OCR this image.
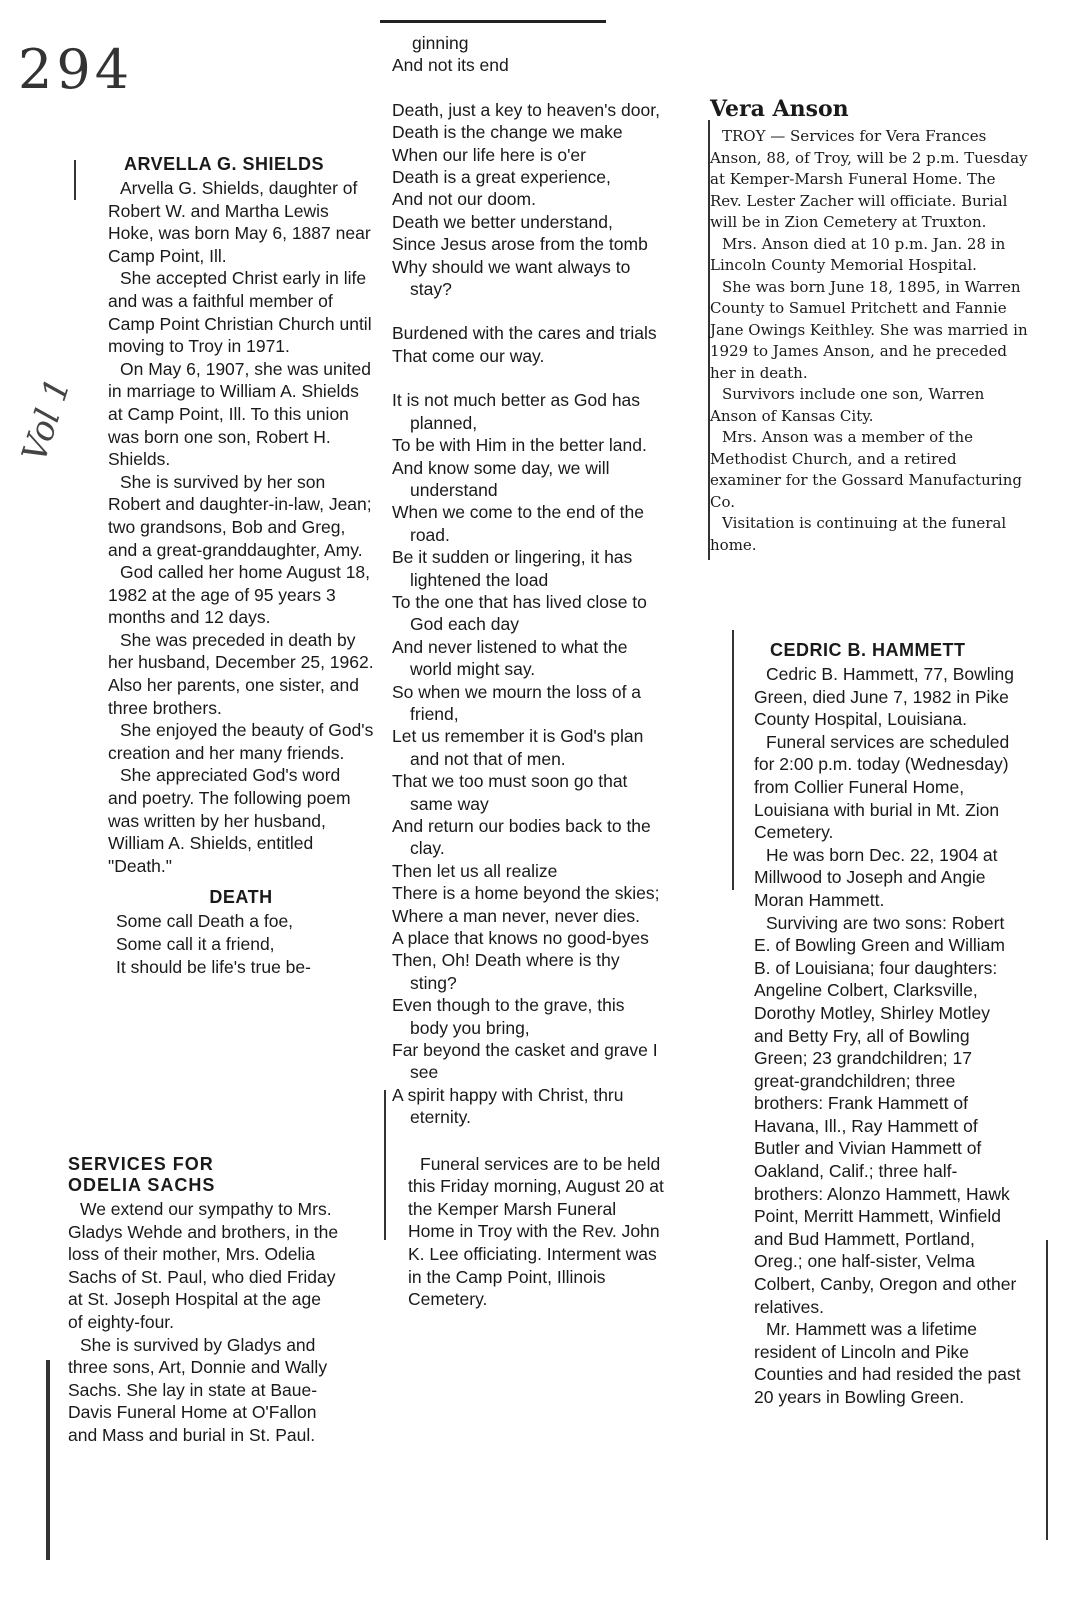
294
Vol 1
ARVELLA G. SHIELDS

Arvella G. Shields, daughter of Robert W. and Martha Lewis Hoke, was born May 6, 1887 near Camp Point, Ill.

She accepted Christ early in life and was a faithful member of Camp Point Christian Church until moving to Troy in 1971.

On May 6, 1907, she was united in marriage to William A. Shields at Camp Point, Ill. To this union was born one son, Robert H. Shields.

She is survived by her son Robert and daughter-in-law, Jean; two grandsons, Bob and Greg, and a great-granddaughter, Amy.

God called her home August 18, 1982 at the age of 95 years 3 months and 12 days.

She was preceded in death by her husband, December 25, 1962. Also her parents, one sister, and three brothers.

She enjoyed the beauty of God's creation and her many friends.

She appreciated God's word and poetry. The following poem was written by her husband, William A. Shields, entitled "Death."

DEATH

Some call Death a foe,

Some call it a friend,

It should be life's true be-

SERVICES FOR
ODELIA SACHS

We extend our sympathy to Mrs. Gladys Wehde and brothers, in the loss of their mother, Mrs. Odelia Sachs of St. Paul, who died Friday at St. Joseph Hospital at the age of eighty-four.

She is survived by Gladys and three sons, Art, Donnie and Wally Sachs. She lay in state at Baue-Davis Funeral Home at O'Fallon and Mass and burial in St. Paul.

ginning

And not its end

Death, just a key to heaven's door,

Death is the change we make

When our life here is o'er

Death is a great experience,

And not our doom.

Death we better understand,

Since Jesus arose from the tomb

Why should we want always to stay?

Burdened with the cares and trials

That come our way.

It is not much better as God has planned,

To be with Him in the better land.

And know some day, we will understand

When we come to the end of the road.

Be it sudden or lingering, it has lightened the load

To the one that has lived close to God each day

And never listened to what the world might say.

So when we mourn the loss of a friend,

Let us remember it is God's plan and not that of men.

That we too must soon go that same way

And return our bodies back to the clay.

Then let us all realize

There is a home beyond the skies;

Where a man never, never dies.

A place that knows no good-byes

Then, Oh! Death where is thy sting?

Even though to the grave, this body you bring,

Far beyond the casket and grave I see

A spirit happy with Christ, thru eternity.

Funeral services are to be held this Friday morning, August 20 at the Kemper Marsh Funeral Home in Troy with the Rev. John K. Lee officiating. Interment was in the Camp Point, Illinois Cemetery.

Vera Anson

TROY — Services for Vera Frances Anson, 88, of Troy, will be 2 p.m. Tuesday at Kemper-Marsh Funeral Home. The Rev. Lester Zacher will officiate. Burial will be in Zion Cemetery at Truxton.

Mrs. Anson died at 10 p.m. Jan. 28 in Lincoln County Memorial Hospital.

She was born June 18, 1895, in Warren County to Samuel Pritchett and Fannie Jane Owings Keithley. She was married in 1929 to James Anson, and he preceded her in death.

Survivors include one son, Warren Anson of Kansas City.

Mrs. Anson was a member of the Methodist Church, and a retired examiner for the Gossard Manufacturing Co.

Visitation is continuing at the funeral home.

CEDRIC B. HAMMETT

Cedric B. Hammett, 77, Bowling Green, died June 7, 1982 in Pike County Hospital, Louisiana.

Funeral services are scheduled for 2:00 p.m. today (Wednesday) from Collier Funeral Home, Louisiana with burial in Mt. Zion Cemetery.

He was born Dec. 22, 1904 at Millwood to Joseph and Angie Moran Hammett.

Surviving are two sons: Robert E. of Bowling Green and William B. of Louisiana; four daughters: Angeline Colbert, Clarksville, Dorothy Motley, Shirley Motley and Betty Fry, all of Bowling Green; 23 grandchildren; 17 great-grandchildren; three brothers: Frank Hammett of Havana, Ill., Ray Hammett of Butler and Vivian Hammett of Oakland, Calif.; three half-brothers: Alonzo Hammett, Hawk Point, Merritt Hammett, Winfield and Bud Hammett, Portland, Oreg.; one half-sister, Velma Colbert, Canby, Oregon and other relatives.

Mr. Hammett was a lifetime resident of Lincoln and Pike Counties and had resided the past 20 years in Bowling Green.
